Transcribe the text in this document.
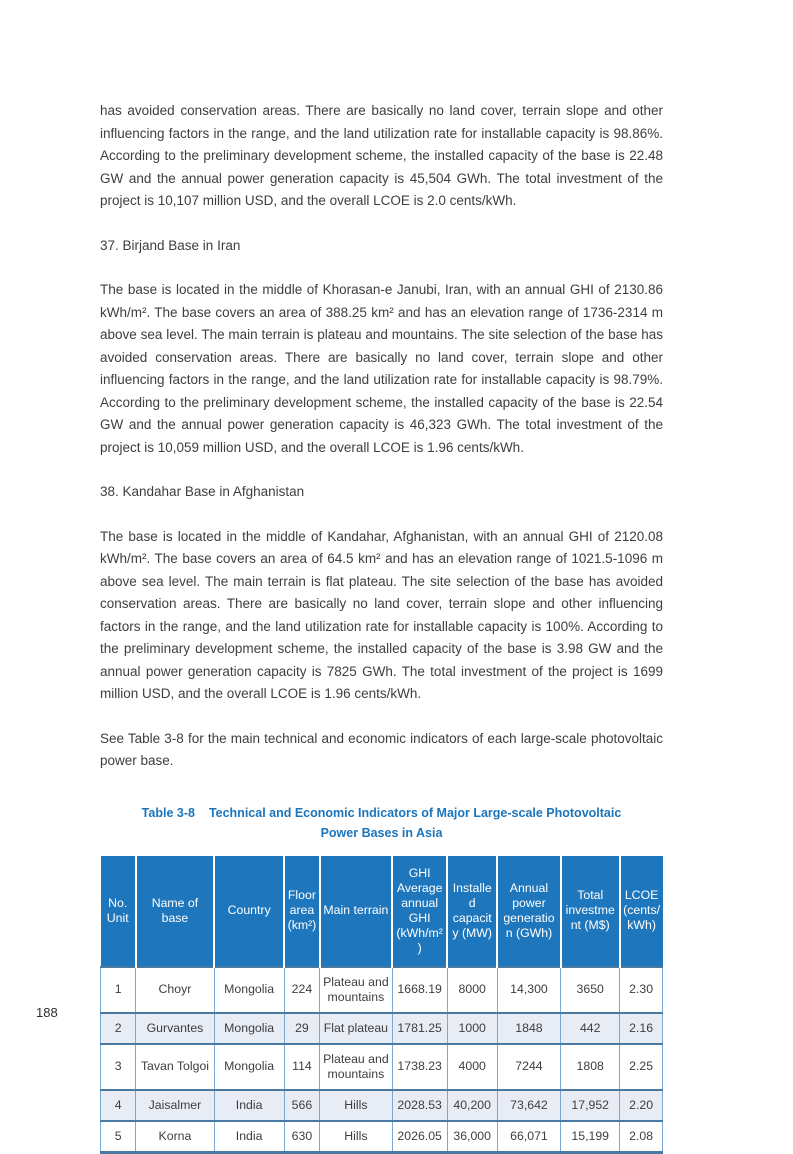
has avoided conservation areas. There are basically no land cover, terrain slope and other influencing factors in the range, and the land utilization rate for installable capacity is 98.86%. According to the preliminary development scheme, the installed capacity of the base is 22.48 GW and the annual power generation capacity is 45,504 GWh. The total investment of the project is 10,107 million USD, and the overall LCOE is 2.0 cents/kWh.

37. Birjand Base in Iran

The base is located in the middle of Khorasan-e Janubi, Iran, with an annual GHI of 2130.86 kWh/m². The base covers an area of 388.25 km² and has an elevation range of 1736-2314 m above sea level. The main terrain is plateau and mountains. The site selection of the base has avoided conservation areas. There are basically no land cover, terrain slope and other influencing factors in the range, and the land utilization rate for installable capacity is 98.79%. According to the preliminary development scheme, the installed capacity of the base is 22.54 GW and the annual power generation capacity is 46,323 GWh. The total investment of the project is 10,059 million USD, and the overall LCOE is 1.96 cents/kWh.

38. Kandahar Base in Afghanistan

The base is located in the middle of Kandahar, Afghanistan, with an annual GHI of 2120.08 kWh/m². The base covers an area of 64.5 km² and has an elevation range of 1021.5-1096 m above sea level. The main terrain is flat plateau. The site selection of the base has avoided conservation areas. There are basically no land cover, terrain slope and other influencing factors in the range, and the land utilization rate for installable capacity is 100%. According to the preliminary development scheme, the installed capacity of the base is 3.98 GW and the annual power generation capacity is 7825 GWh. The total investment of the project is 1699 million USD, and the overall LCOE is 1.96 cents/kWh.

See Table 3-8 for the main technical and economic indicators of each large-scale photovoltaic power base.

Table 3-8 Technical and Economic Indicators of Major Large-scale Photovoltaic Power Bases in Asia
No. Unit	Name of base	Country	Floor area (km²)	Main terrain	GHI Average annual GHI (kWh/m²)	Installed capacity (MW)	Annual power generation (GWh)	Total investment (M$)	LCOE (cents/ kWh)
1	Choyr	Mongolia	224	Plateau and mountains	1668.19	8000	14,300	3650	2.30
2	Gurvantes	Mongolia	29	Flat plateau	1781.25	1000	1848	442	2.16
3	Tavan Tolgoi	Mongolia	114	Plateau and mountains	1738.23	4000	7244	1808	2.25
4	Jaisalmer	India	566	Hills	2028.53	40,200	73,642	17,952	2.20
5	Korna	India	630	Hills	2026.05	36,000	66,071	15,199	2.08
188
